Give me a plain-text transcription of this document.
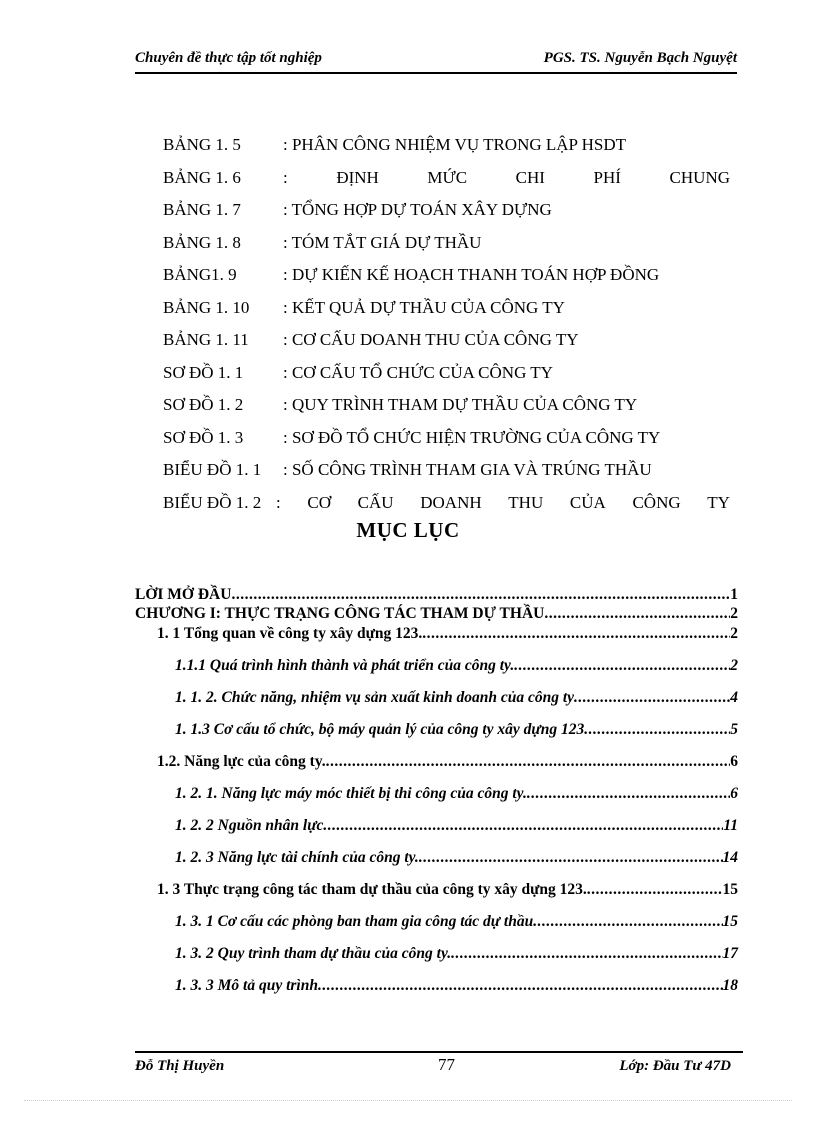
Chuyên đề thực tập tốt nghiệp	PGS. TS. Nguyễn Bạch Nguyệt
BẢNG 1. 5 : PHÂN CÔNG NHIỆM VỤ TRONG LẬP HSDT
BẢNG 1. 6 :	ĐỊNH	MỨC	CHI	PHÍ	CHUNG
BẢNG 1. 7 : TỔNG HỢP DỰ TOÁN XÂY DỰNG
BẢNG 1. 8 : TÓM TẮT GIÁ DỰ THẦU
BẢNG1. 9	: DỰ KIẾN KẾ HOẠCH THANH TOÁN HỢP ĐỒNG
BẢNG 1. 10 : KẾT QUẢ DỰ THẦU CỦA CÔNG TY
BẢNG 1. 11 : CƠ CẤU DOANH THU CỦA CÔNG TY
SƠ ĐỒ 1. 1 : CƠ CẤU TỔ CHỨC CỦA CÔNG TY
SƠ ĐỒ 1. 2 : QUY TRÌNH THAM DỰ THẦU CỦA CÔNG TY
SƠ ĐỒ 1. 3 : SƠ ĐỒ TỔ CHỨC HIỆN TRƯỜNG CỦA CÔNG TY
BIỂU ĐỒ 1. 1 : SỐ CÔNG TRÌNH THAM GIA VÀ TRÚNG THẦU
BIỂU ĐỒ 1. 2 : CƠ CẤU DOANH THU CỦA CÔNG TY
MỤC LỤC
LỜI MỞ ĐẦU .....	1
CHƯƠNG I: THỰC TRẠNG CÔNG TÁC THAM DỰ THẦU .....	2
1. 1 Tổng quan về công ty xây dựng 123. .....	2
1.1.1 Quá trình hình thành và phát triển của công ty. .....	2
1. 1. 2. Chức năng, nhiệm vụ sản xuất kinh doanh của công ty .....	4
1. 1.3 Cơ cấu tổ chức, bộ máy quản lý của công ty xây dựng 123 .....	5
1.2. Năng lực của công ty. .....	6
1. 2. 1. Năng lực máy móc thiết bị thi công của công ty. .....	6
1. 2. 2 Nguồn nhân lực .....	11
1. 2. 3 Năng lực tài chính của công ty. .....	14
1. 3 Thực trạng công tác tham dự thầu của công ty xây dựng 123. .....	15
1. 3. 1 Cơ cấu các phòng ban tham gia công tác dự thầu .....	15
1. 3. 2 Quy trình tham dự thầu của công ty. .....	17
1. 3. 3 Mô tả quy trình .....	18
Đỗ Thị Huyền	77	Lớp: Đầu Tư 47D
